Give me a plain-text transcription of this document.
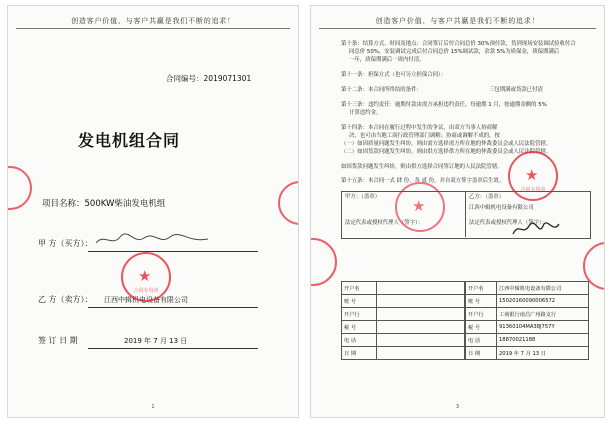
创造客户价值、与客户共赢是我们不断的追求！
合同编号：2019071301
发电机组合同
项目名称：500KW柴油发电机组
甲 方（买方）：
乙 方（卖方）： 江西中辑机电设备有限公司
签 订 日 期	2019 年 7 月 13 日
★
合同专用章
1
创造客户价值、与客户共赢是我们不断的追求！
第十条：结算方式、时间及地点：合同签订后付合同总价 30%预付款，货到现场安装调试验收付合
同总价 50%，安装调试完成后付合同总价 15%调试款，余款 5%为质保金，质保期满后
一年，质保期满后一周内付清。
第十一条：担保方式（也可另立担保合同）：
第十二条：本合同所终结的条件：	三包期满或货款已付清
第十三条：违约责任：逾期付款由需方承担违约责任，每逾期 1 月，按逾期金额的 5%
计算违约金。
第十四条：本合同在履行过程中发生的争议，由双方当事人协商解
决，也可由当地工商行政管理部门调解；协商或调解不成的，按
（一）如因质量问题发生纠纷，则由需方选择需方所在地的仲裁委员会或人民法院管辖。
（二）如因货款问题发生纠纷，则由供方选择供方所在地的仲裁委员会或人民法院管辖。
如因货款问题发生纠纷，则由供方选择合同签订地的人民法院管辖。
第十五条：本合同一式 肆 份，各 贰 份，并自双方签字盖章后生效。
甲方：（盖章）
法定代表或授权代理人（签字）：
乙方：（盖章）
江西中辑机电设备有限公司
法定代表或授权代理人（签字）：
开户名	
账 号	
开户行	
税 号	
电 话	
日 期	
开户名	江西中辑机电设备有限公司
账 号	15020160090006572
开户行	工商银行南昌广州路支行
税 号	91360104MA38J757Y
电 话	18870021188
日 期	2019 年 7 月 13 日
★
合同专用章
★
3
